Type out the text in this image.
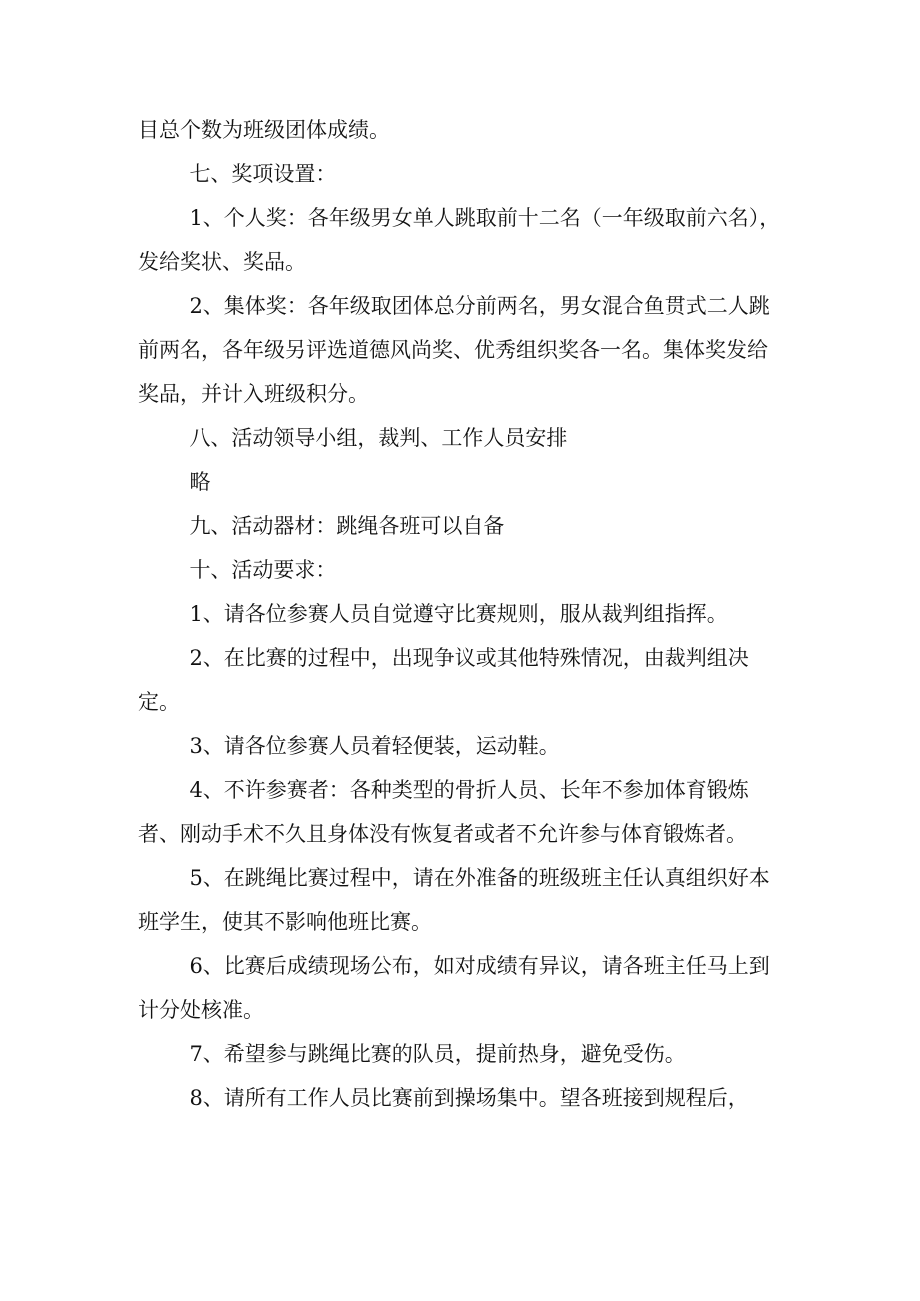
目总个数为班级团体成绩。

七、奖项设置：

1、个人奖：各年级男女单人跳取前十二名（一年级取前六名），发给奖状、奖品。

2、集体奖：各年级取团体总分前两名，男女混合鱼贯式二人跳前两名，各年级另评选道德风尚奖、优秀组织奖各一名。集体奖发给奖品，并计入班级积分。

八、活动领导小组，裁判、工作人员安排

略

九、活动器材：跳绳各班可以自备

十、活动要求：

1、请各位参赛人员自觉遵守比赛规则，服从裁判组指挥。

2、在比赛的过程中，出现争议或其他特殊情况，由裁判组决定。

3、请各位参赛人员着轻便装，运动鞋。

4、不许参赛者：各种类型的骨折人员、长年不参加体育锻炼者、刚动手术不久且身体没有恢复者或者不允许参与体育锻炼者。

5、在跳绳比赛过程中，请在外准备的班级班主任认真组织好本班学生，使其不影响他班比赛。

6、比赛后成绩现场公布，如对成绩有异议，请各班主任马上到计分处核准。

7、希望参与跳绳比赛的队员，提前热身，避免受伤。

8、请所有工作人员比赛前到操场集中。望各班接到规程后，
